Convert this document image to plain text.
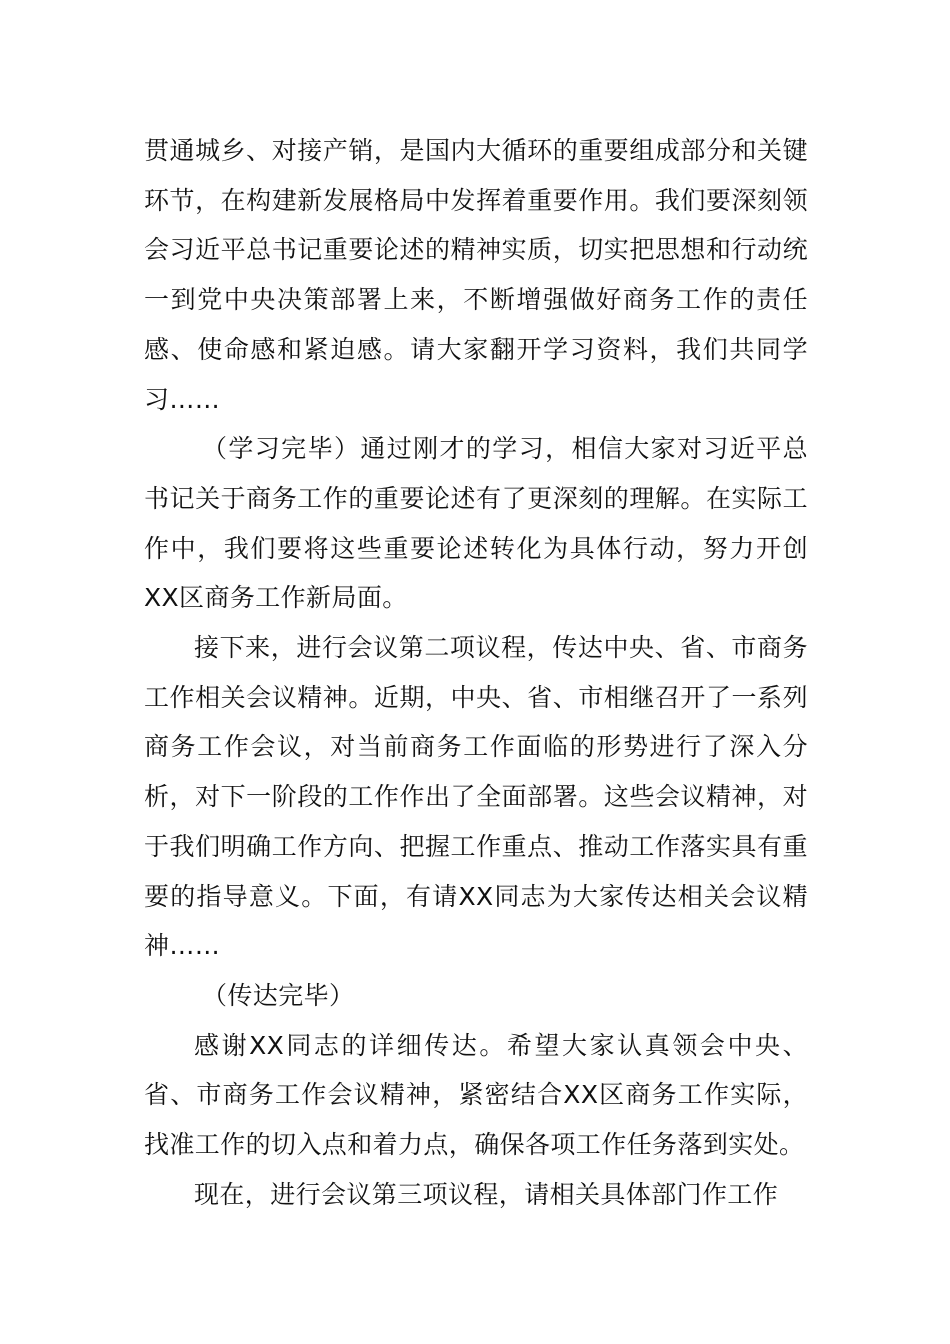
贯通城乡、对接产销，是国内大循环的重要组成部分和关键环节，在构建新发展格局中发挥着重要作用。我们要深刻领会习近平总书记重要论述的精神实质，切实把思想和行动统一到党中央决策部署上来，不断增强做好商务工作的责任感、使命感和紧迫感。请大家翻开学习资料，我们共同学习……

（学习完毕）通过刚才的学习，相信大家对习近平总书记关于商务工作的重要论述有了更深刻的理解。在实际工作中，我们要将这些重要论述转化为具体行动，努力开创XX区商务工作新局面。

接下来，进行会议第二项议程，传达中央、省、市商务工作相关会议精神。近期，中央、省、市相继召开了一系列商务工作会议，对当前商务工作面临的形势进行了深入分析，对下一阶段的工作作出了全面部署。这些会议精神，对于我们明确工作方向、把握工作重点、推动工作落实具有重要的指导意义。下面，有请XX同志为大家传达相关会议精神……

（传达完毕）

感谢XX同志的详细传达。希望大家认真领会中央、省、市商务工作会议精神，紧密结合XX区商务工作实际，找准工作的切入点和着力点，确保各项工作任务落到实处。

现在，进行会议第三项议程，请相关具体部门作工作
